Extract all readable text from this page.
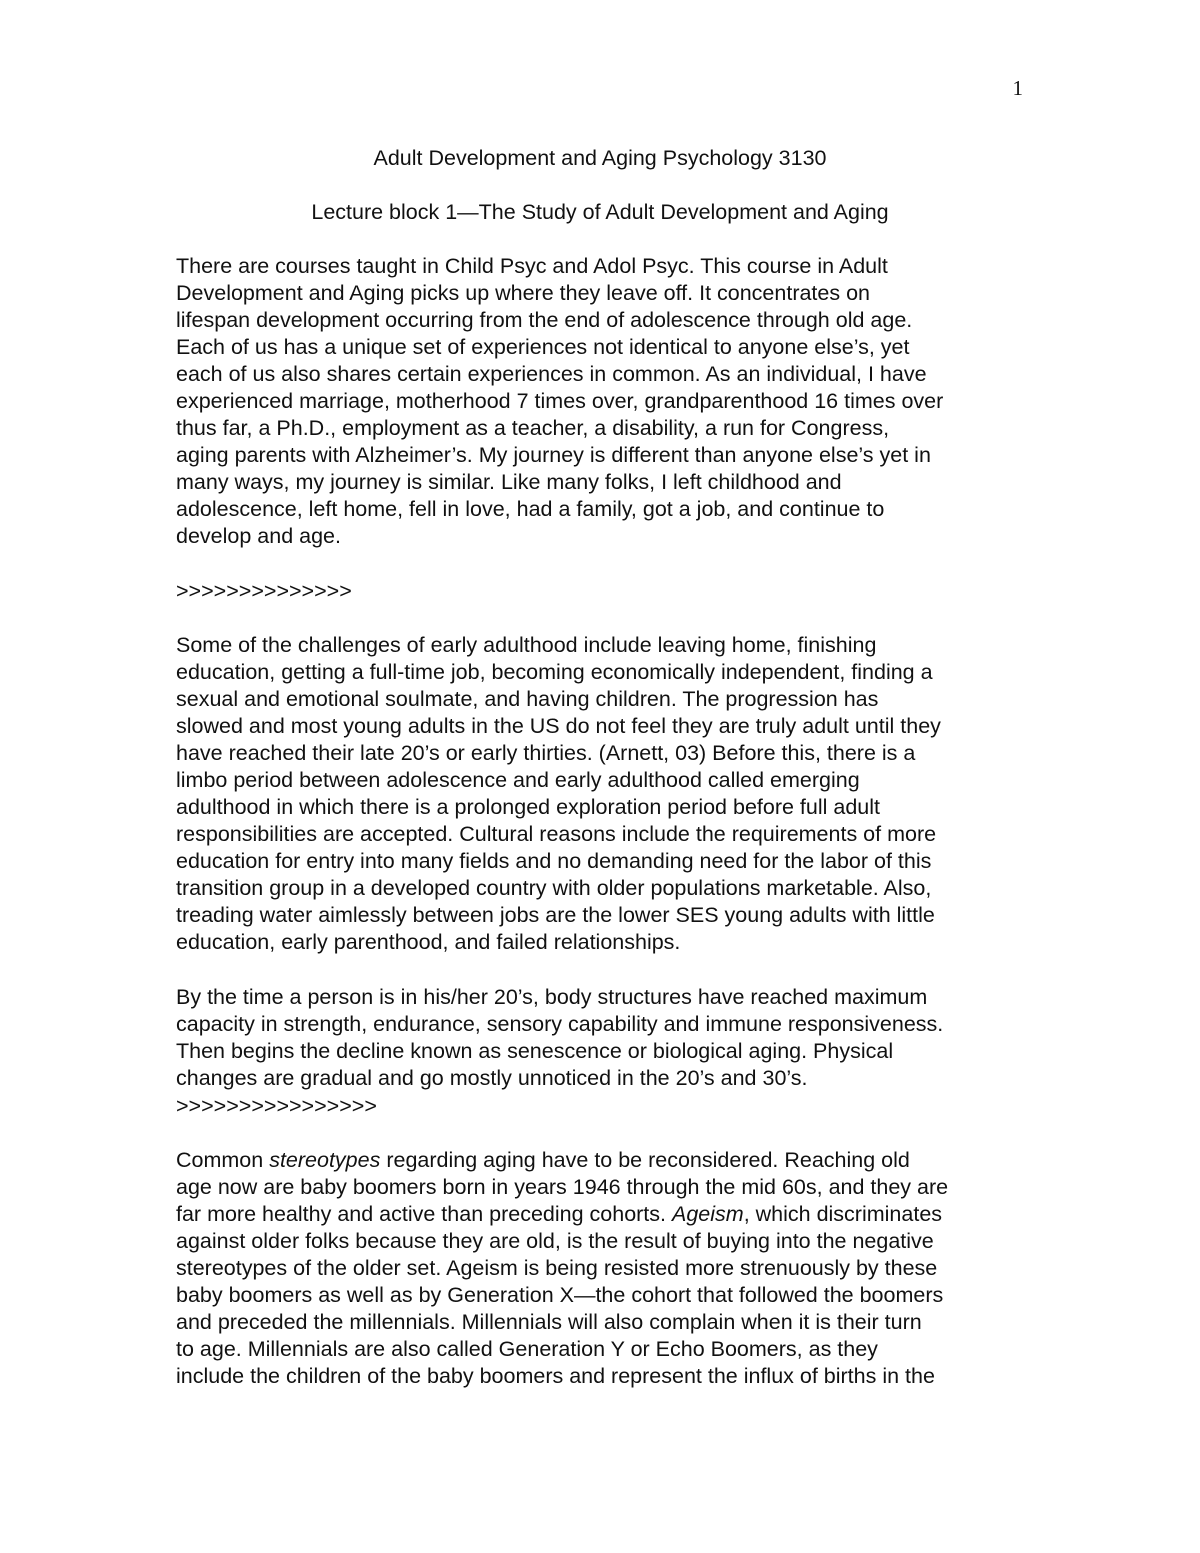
1
Adult Development and Aging Psychology 3130
Lecture block 1—The Study of Adult Development and Aging
There are courses taught in Child Psyc and Adol Psyc. This course in Adult
Development and Aging picks up where they leave off. It concentrates on
lifespan development occurring from the end of adolescence through old age.
Each of us has a unique set of experiences not identical to anyone else’s, yet
each of us also shares certain experiences in common. As an individual, I have
experienced marriage, motherhood 7 times over, grandparenthood 16 times over
thus far, a Ph.D., employment as a teacher, a disability, a run for Congress,
aging parents with Alzheimer’s. My journey is different than anyone else’s yet in
many ways, my journey is similar. Like many folks, I left childhood and
adolescence, left home, fell in love, had a family, got a job, and continue to
develop and age.
>>>>>>>>>>>>>>
Some of the challenges of early adulthood include leaving home, finishing
education, getting a full-time job, becoming economically independent, finding a
sexual and emotional soulmate, and having children. The progression has
slowed and most young adults in the US do not feel they are truly adult until they
have reached their late 20’s or early thirties. (Arnett, 03) Before this, there is a
limbo period between adolescence and early adulthood called emerging
adulthood in which there is a prolonged exploration period before full adult
responsibilities are accepted. Cultural reasons include the requirements of more
education for entry into many fields and no demanding need for the labor of this
transition group in a developed country with older populations marketable. Also,
treading water aimlessly between jobs are the lower SES young adults with little
education, early parenthood, and failed relationships.
By the time a person is in his/her 20’s, body structures have reached maximum
capacity in strength, endurance, sensory capability and immune responsiveness.
Then begins the decline known as senescence or biological aging. Physical
changes are gradual and go mostly unnoticed in the 20’s and 30’s.
>>>>>>>>>>>>>>>>
Common stereotypes regarding aging have to be reconsidered. Reaching old
age now are baby boomers born in years 1946 through the mid 60s, and they are
far more healthy and active than preceding cohorts. Ageism, which discriminates
against older folks because they are old, is the result of buying into the negative
stereotypes of the older set. Ageism is being resisted more strenuously by these
baby boomers as well as by Generation X—the cohort that followed the boomers
and preceded the millennials. Millennials will also complain when it is their turn
to age. Millennials are also called Generation Y or Echo Boomers, as they
include the children of the baby boomers and represent the influx of births in the
